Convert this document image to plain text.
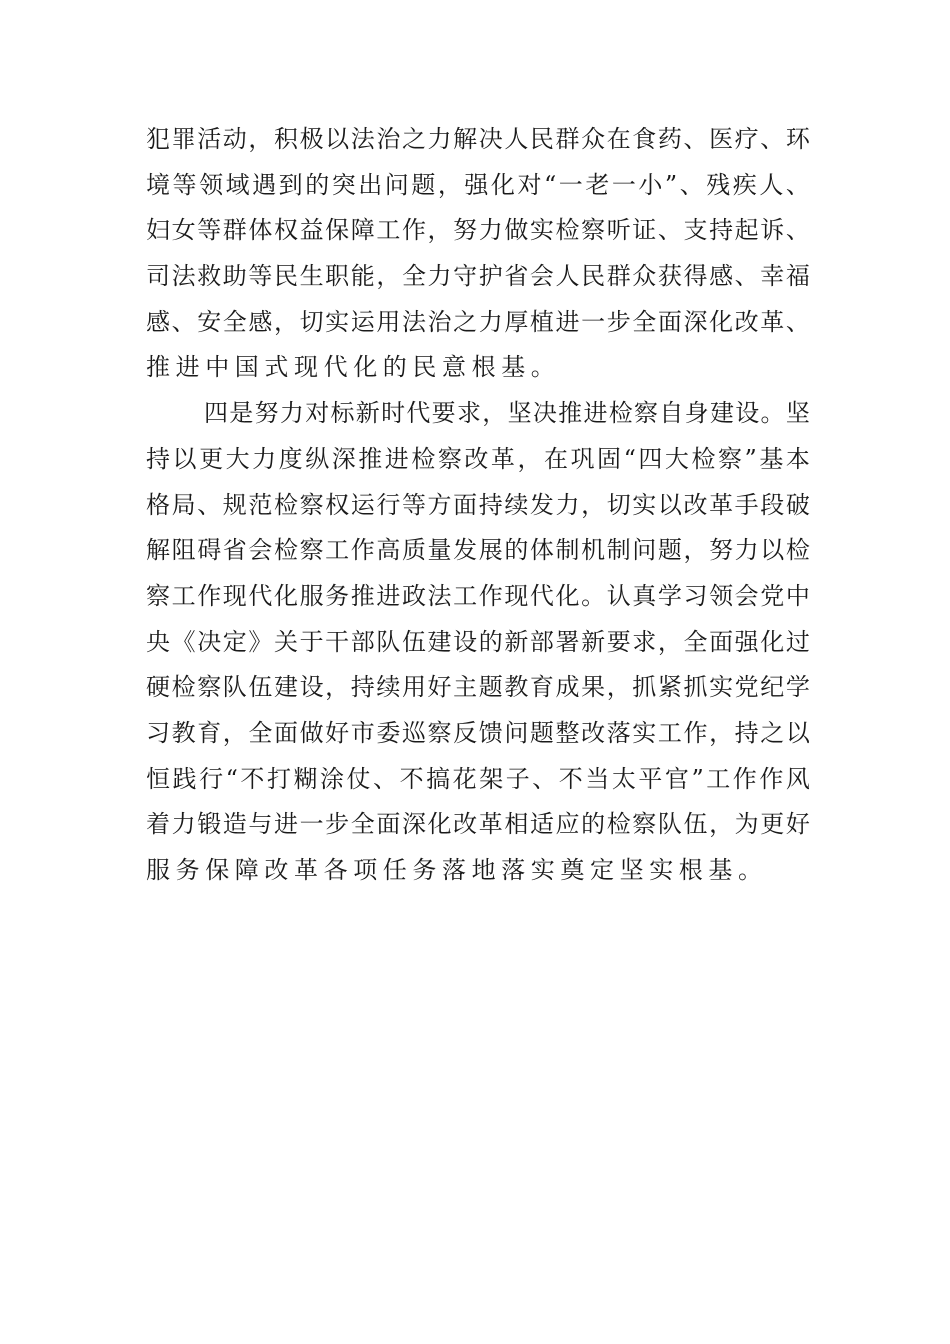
犯 罪 活 动 ， 积 极 以 法 治 之 力 解 决 人 民 群 众 在 食 药 、 医 疗 、 环
境 等 领 域 遇 到 的 突 出 问 题 ， 强 化 对 “ 一 老 一 小 ” 、 残 疾 人 、
妇 女 等 群 体 权 益 保 障 工 作 ， 努 力 做 实 检 察 听 证 、 支 持 起 诉 、
司 法 救 助 等 民 生 职 能 ， 全 力 守 护 省 会 人 民 群 众 获 得 感 、 幸 福
感 、 安 全 感 ， 切 实 运 用 法 治 之 力 厚 植 进 一 步 全 面 深 化 改 革 、
推进中国式现代化的民意根基。
四 是 努 力 对 标 新 时 代 要 求 ， 坚 决 推 进 检 察 自 身 建 设 。 坚
持 以 更 大 力 度 纵 深 推 进 检 察 改 革 ， 在 巩 固 “ 四 大 检 察 ” 基 本
格 局 、 规 范 检 察 权 运 行 等 方 面 持 续 发 力 ， 切 实 以 改 革 手 段 破
解 阻 碍 省 会 检 察 工 作 高 质 量 发 展 的 体 制 机 制 问 题 ， 努 力 以 检
察 工 作 现 代 化 服 务 推 进 政 法 工 作 现 代 化 。 认 真 学 习 领 会 党 中
央 《 决 定 》 关 于 干 部 队 伍 建 设 的 新 部 署 新 要 求 ， 全 面 强 化 过
硬 检 察 队 伍 建 设 ， 持 续 用 好 主 题 教 育 成 果 ， 抓 紧 抓 实 党 纪 学
习 教 育 ， 全 面 做 好 市 委 巡 察 反 馈 问 题 整 改 落 实 工 作 ， 持 之 以
恒 践 行 “ 不 打 糊 涂 仗 、 不 搞 花 架 子 、 不 当 太 平 官 ” 工 作 作 风
着 力 锻 造 与 进 一 步 全 面 深 化 改 革 相 适 应 的 检 察 队 伍 ， 为 更 好
服务保障改革各项任务落地落实奠定坚实根基。
